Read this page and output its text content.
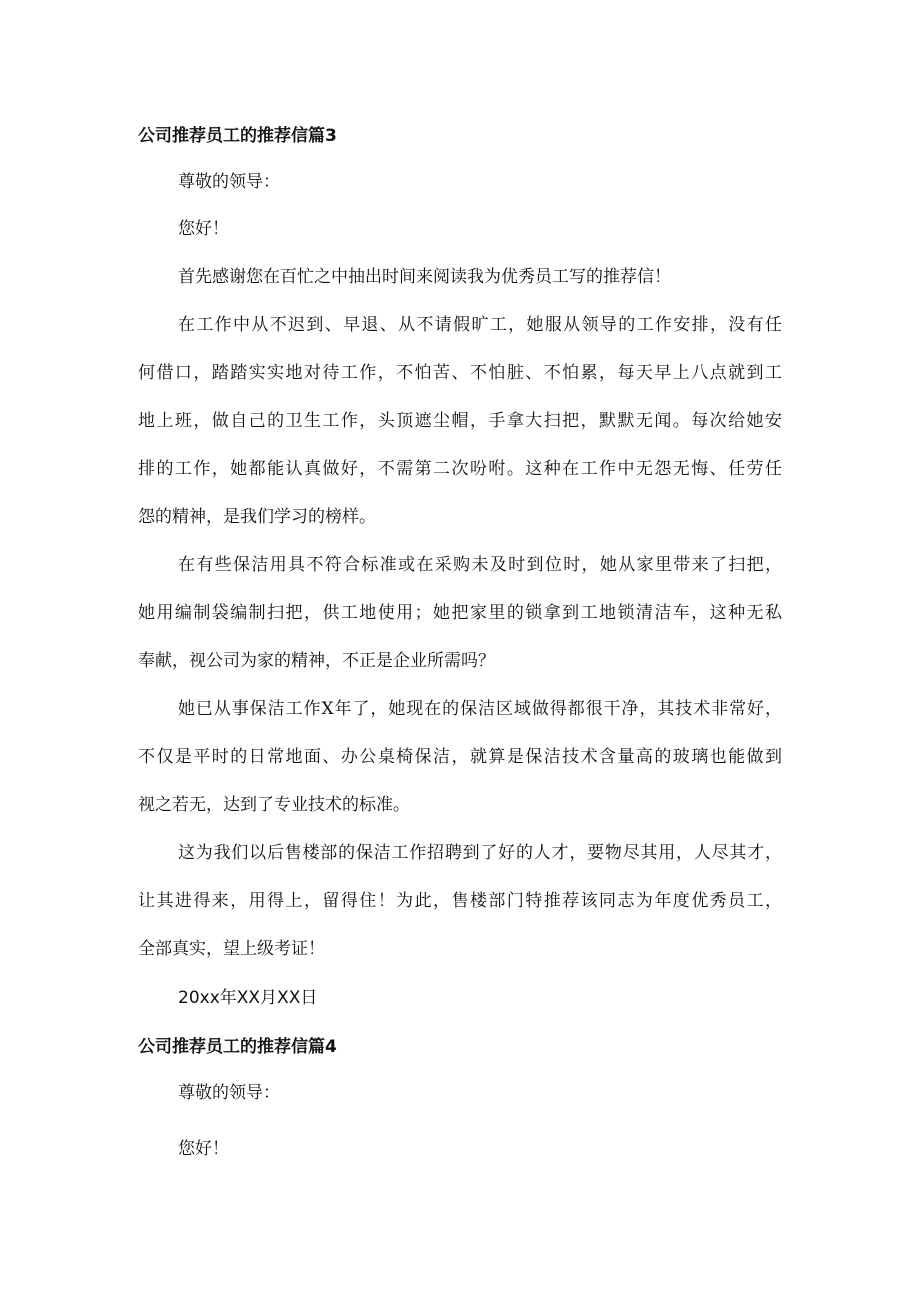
公司推荐员工的推荐信篇3

尊敬的领导：

您好！

首先感谢您在百忙之中抽出时间来阅读我为优秀员工写的推荐信！

在工作中从不迟到、早退、从不请假旷工，她服从领导的工作安排，没有任

何借口，踏踏实实地对待工作，不怕苦、不怕脏、不怕累，每天早上八点就到工

地上班，做自己的卫生工作，头顶遮尘帽，手拿大扫把，默默无闻。每次给她安

排的工作，她都能认真做好，不需第二次吩咐。这种在工作中无怨无悔、任劳任

怨的精神，是我们学习的榜样。

在有些保洁用具不符合标准或在采购未及时到位时，她从家里带来了扫把，

她用编制袋编制扫把，供工地使用；她把家里的锁拿到工地锁清洁车，这种无私

奉献，视公司为家的精神，不正是企业所需吗？

她已从事保洁工作X年了，她现在的保洁区域做得都很干净，其技术非常好，

不仅是平时的日常地面、办公桌椅保洁，就算是保洁技术含量高的玻璃也能做到

视之若无，达到了专业技术的标准。

这为我们以后售楼部的保洁工作招聘到了好的人才，要物尽其用，人尽其才，

让其进得来，用得上，留得住！为此，售楼部门特推荐该同志为年度优秀员工，

全部真实，望上级考证！

20xx年XX月XX日

公司推荐员工的推荐信篇4

尊敬的领导：

您好！
